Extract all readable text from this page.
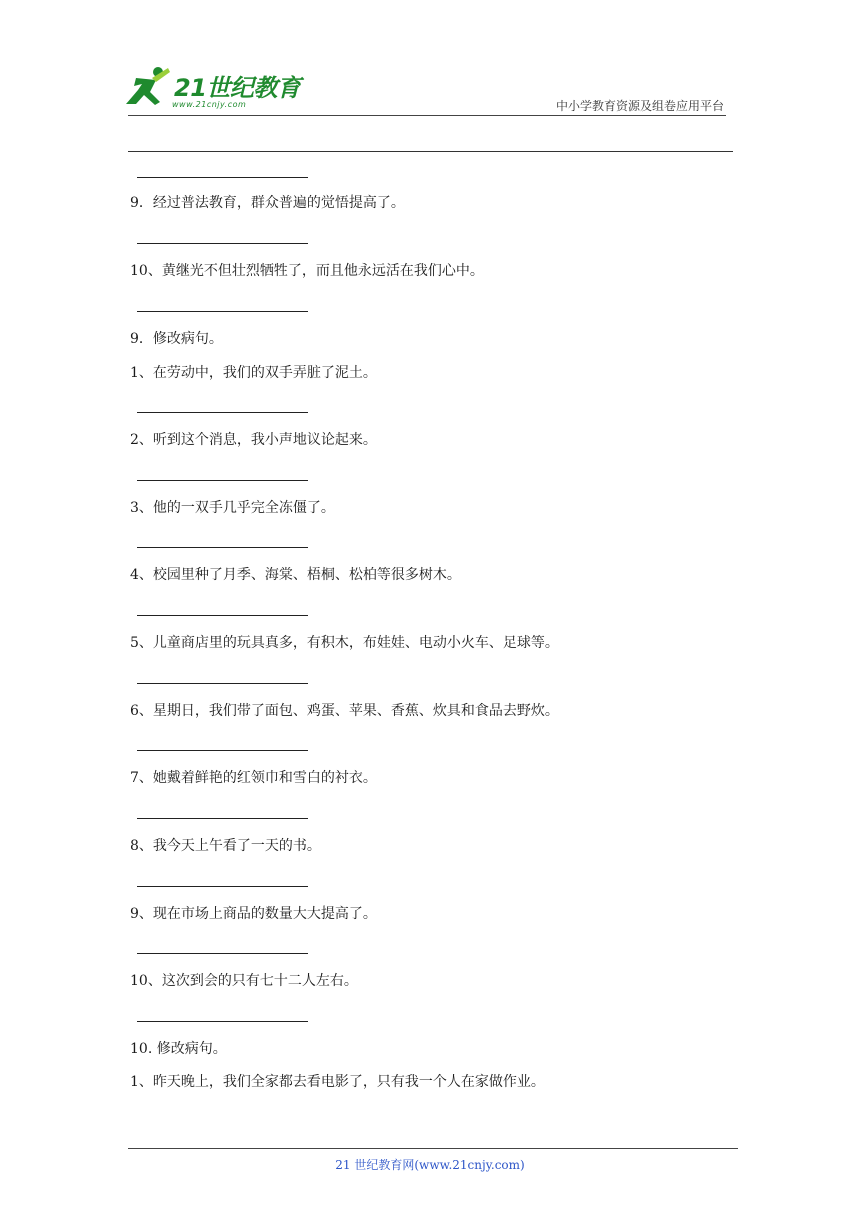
21世纪教育
www.21cnjy.com	中小学教育资源及组卷应用平台
9．经过普法教育，群众普遍的觉悟提高了。
10、黄继光不但壮烈牺牲了，而且他永远活在我们心中。
9．修改病句。
1、在劳动中，我们的双手弄脏了泥土。
2、听到这个消息，我小声地议论起来。
3、他的一双手几乎完全冻僵了。
4、校园里种了月季、海棠、梧桐、松柏等很多树木。
5、儿童商店里的玩具真多，有积木，布娃娃、电动小火车、足球等。
6、星期日，我们带了面包、鸡蛋、苹果、香蕉、炊具和食品去野炊。
7、她戴着鲜艳的红领巾和雪白的衬衣。
8、我今天上午看了一天的书。
9、现在市场上商品的数量大大提高了。
10、这次到会的只有七十二人左右。
10. 修改病句。
1、昨天晚上，我们全家都去看电影了，只有我一个人在家做作业。
21 世纪教育网(www.21cnjy.com)
